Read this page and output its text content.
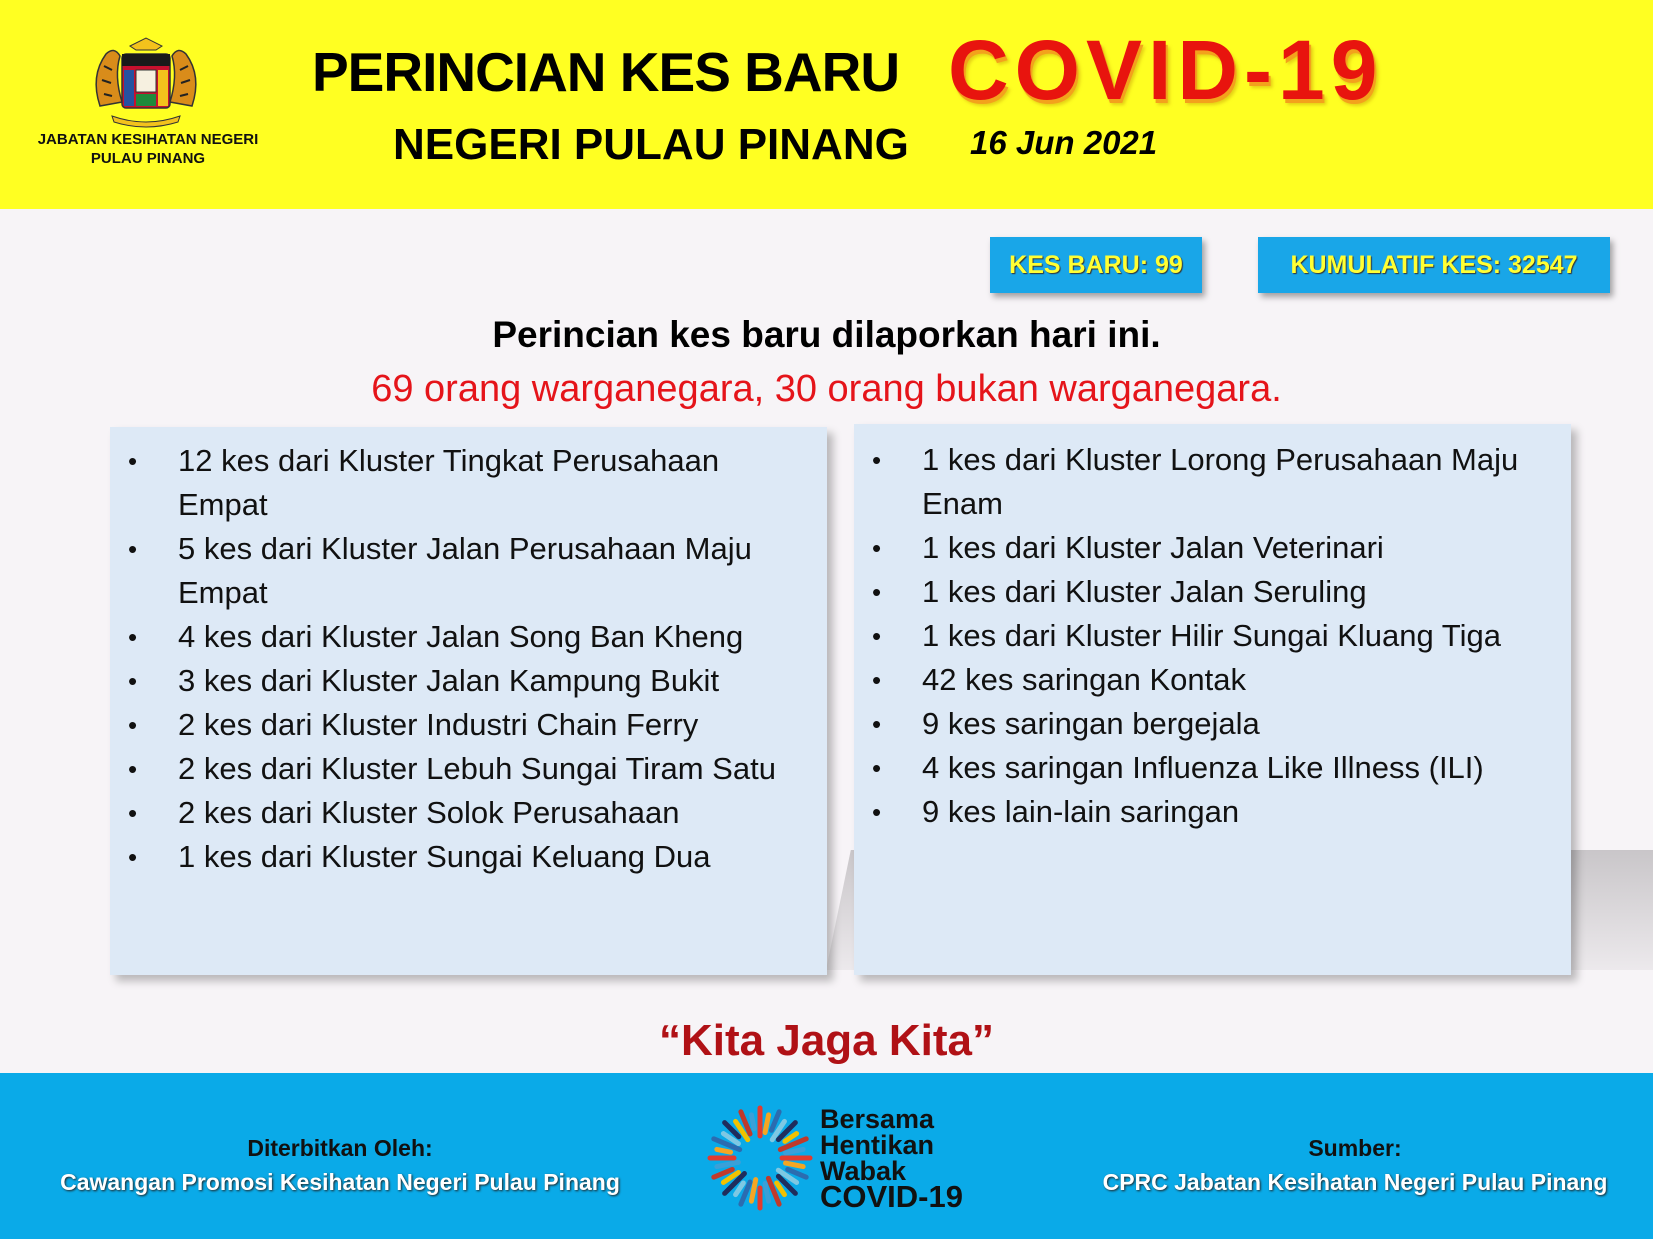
JABATAN KESIHATAN NEGERI
PULAU PINANG
PERINCIAN KES BARU COVID-19
NEGERI PULAU PINANG 16 Jun 2021
KES BARU: 99	KUMULATIF KES: 32547
Perincian kes baru dilaporkan hari ini.
69 orang warganegara, 30 orang bukan warganegara.
• 12 kes dari Kluster Tingkat Perusahaan Empat
• 5 kes dari Kluster Jalan Perusahaan Maju Empat
• 4 kes dari Kluster Jalan Song Ban Kheng
• 3 kes dari Kluster Jalan Kampung Bukit
• 2 kes dari Kluster Industri Chain Ferry
• 2 kes dari Kluster Lebuh Sungai Tiram Satu
• 2 kes dari Kluster Solok Perusahaan
• 1 kes dari Kluster Sungai Keluang Dua
• 1 kes dari Kluster Lorong Perusahaan Maju Enam
• 1 kes dari Kluster Jalan Veterinari
• 1 kes dari Kluster Jalan Seruling
• 1 kes dari Kluster Hilir Sungai Kluang Tiga
• 42 kes saringan Kontak
• 9 kes saringan bergejala
• 4 kes saringan Influenza Like Illness (ILI)
• 9 kes lain-lain saringan
“Kita Jaga Kita”
Diterbitkan Oleh:
Cawangan Promosi Kesihatan Negeri Pulau Pinang
Bersama
Hentikan
Wabak
COVID-19
Sumber:
CPRC Jabatan Kesihatan Negeri Pulau Pinang
